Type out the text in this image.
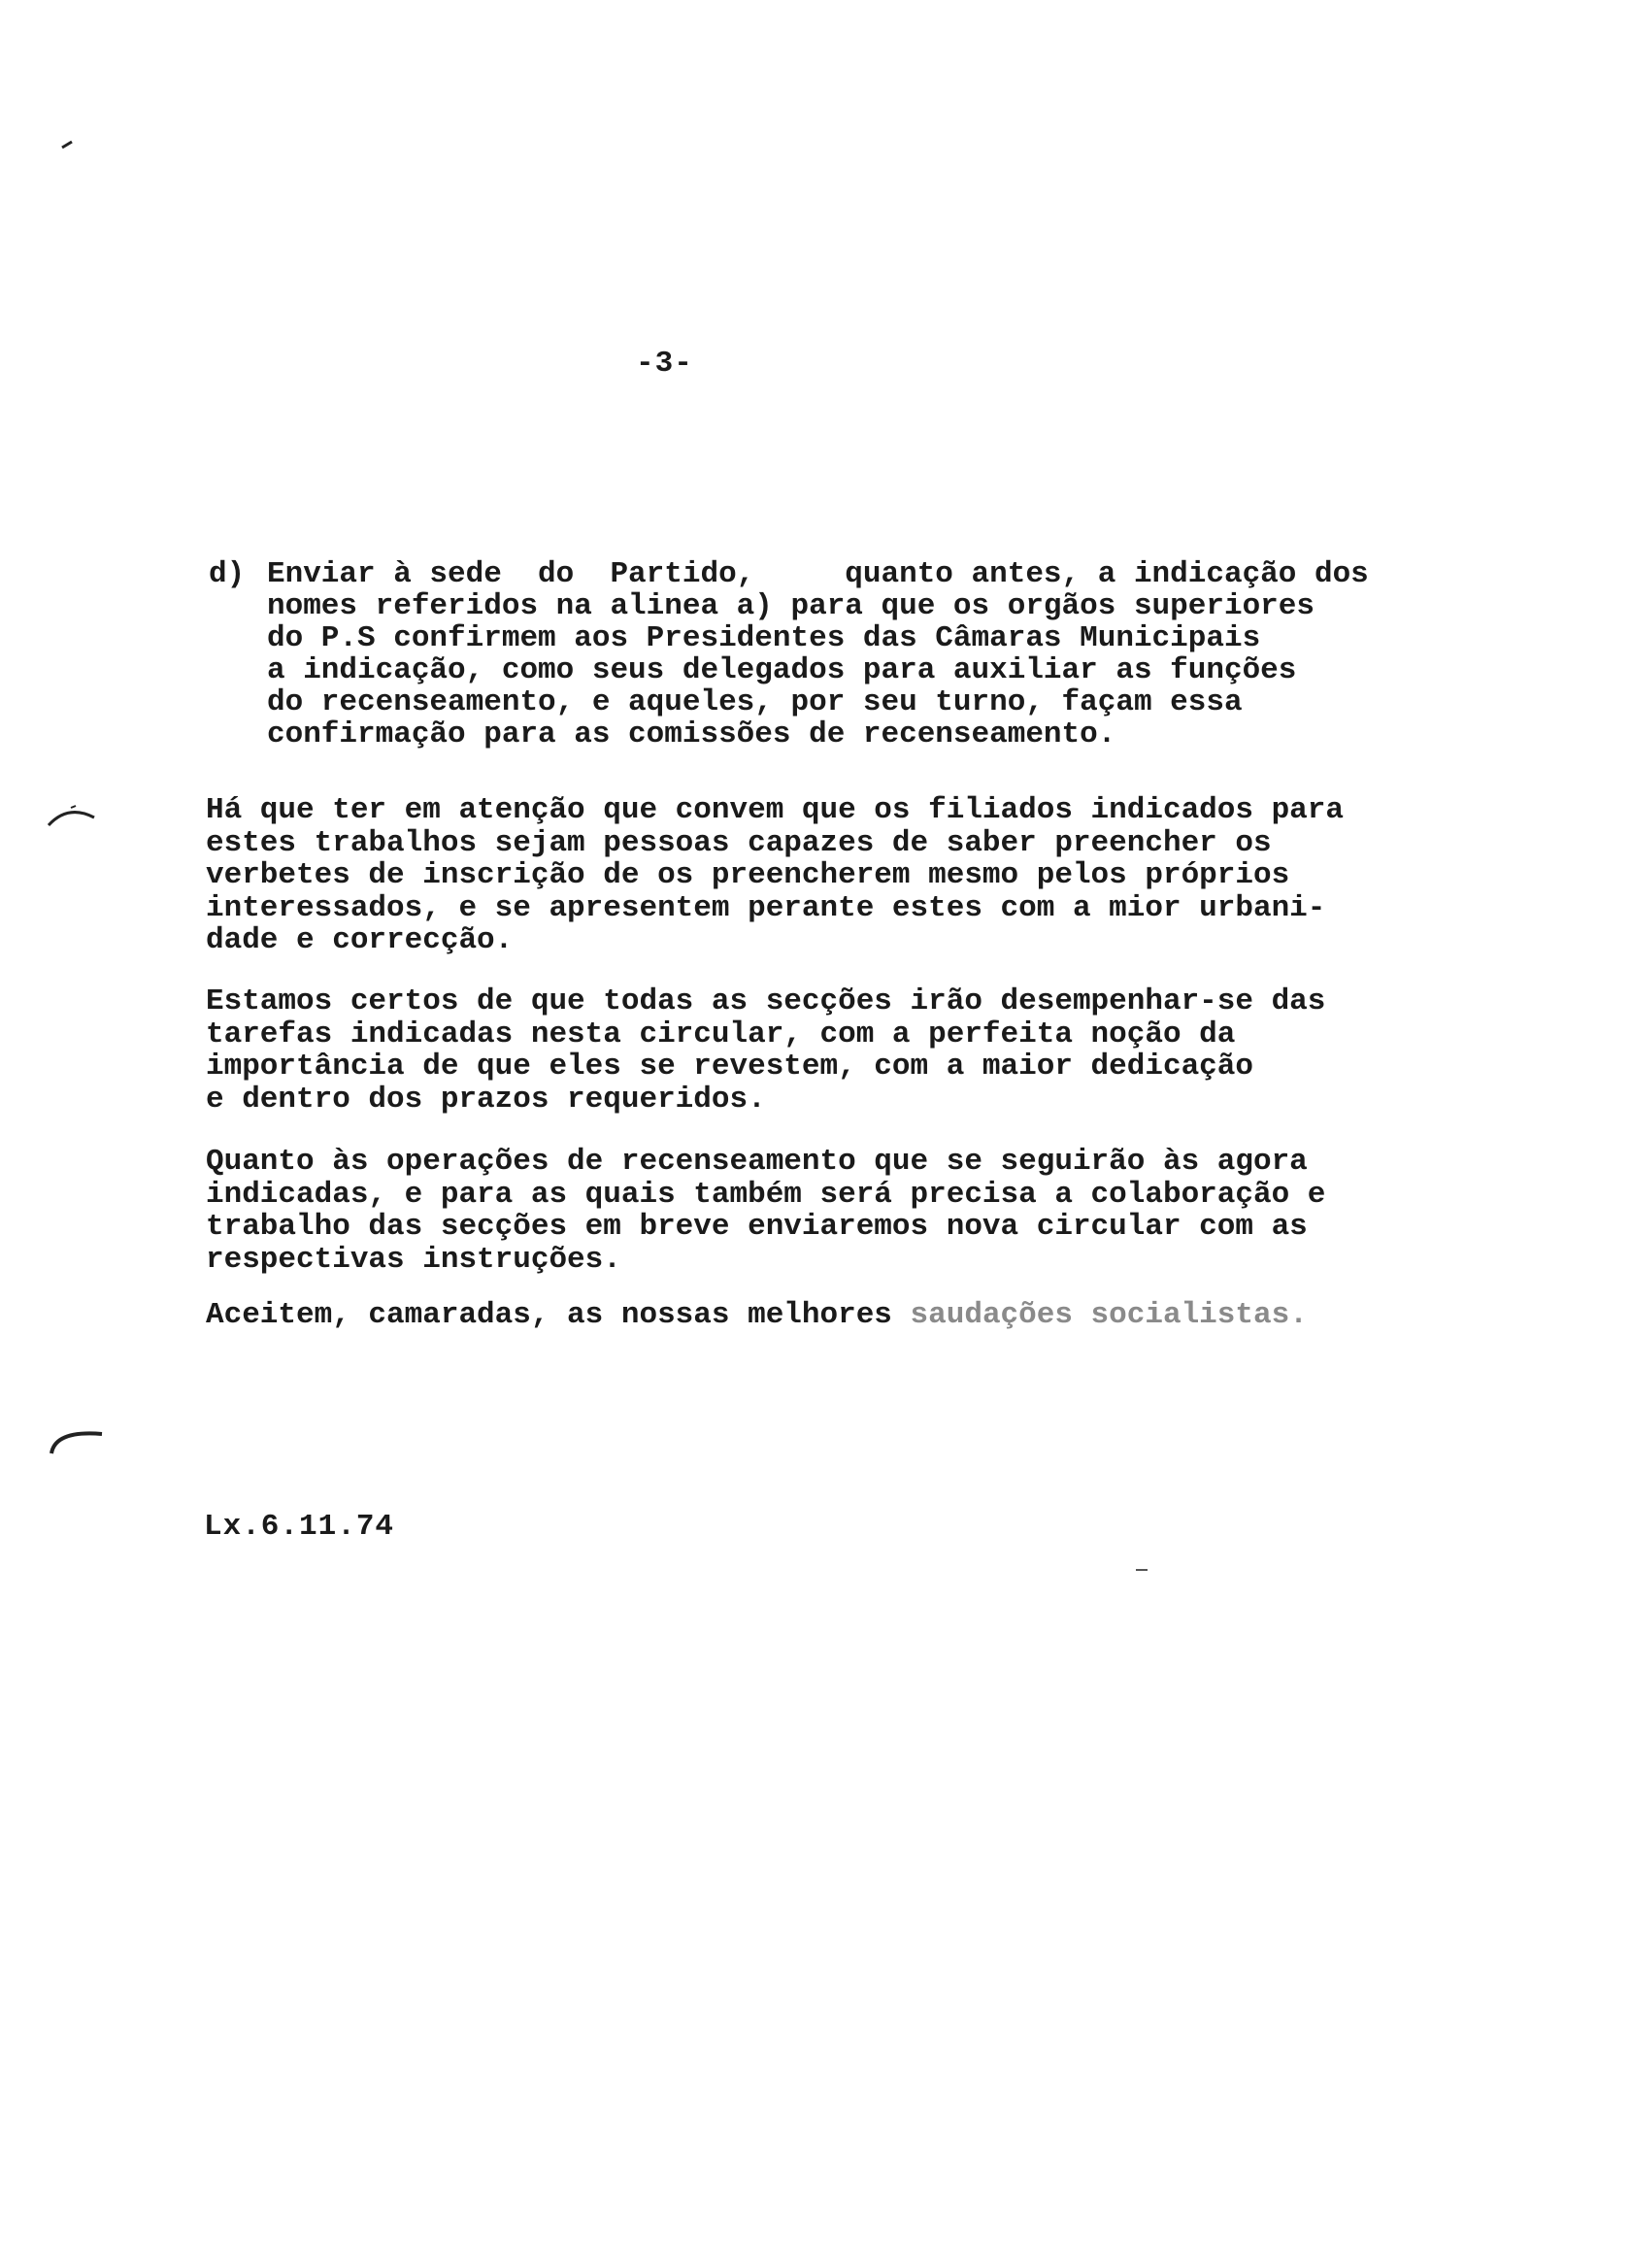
-3-
d) Enviar à sede  do  Partido,     quanto antes, a indicação dos
nomes referidos na alinea a) para que os orgãos superiores
do P.S confirmem aos Presidentes das Câmaras Municipais
a indicação, como seus delegados para auxiliar as funções
do recenseamento, e aqueles, por seu turno, façam essa
confirmação para as comissões de recenseamento.
Há que ter em atenção que convem que os filiados indicados para
estes trabalhos sejam pessoas capazes de saber preencher os
verbetes de inscrição de os preencherem mesmo pelos próprios
interessados, e se apresentem perante estes com a mior urbani-
dade e correcção.
Estamos certos de que todas as secções irão desempenhar-se das
tarefas indicadas nesta circular, com a perfeita noção da
importância de que eles se revestem, com a maior dedicação
e dentro dos prazos requeridos.
Quanto às operações de recenseamento que se seguirão às agora
indicadas, e para as quais também será precisa a colaboração e
trabalho das secções em breve enviaremos nova circular com as
respectivas instruções.
Aceitem, camaradas, as nossas melhores saudações socialistas.
Lx.6.11.74
